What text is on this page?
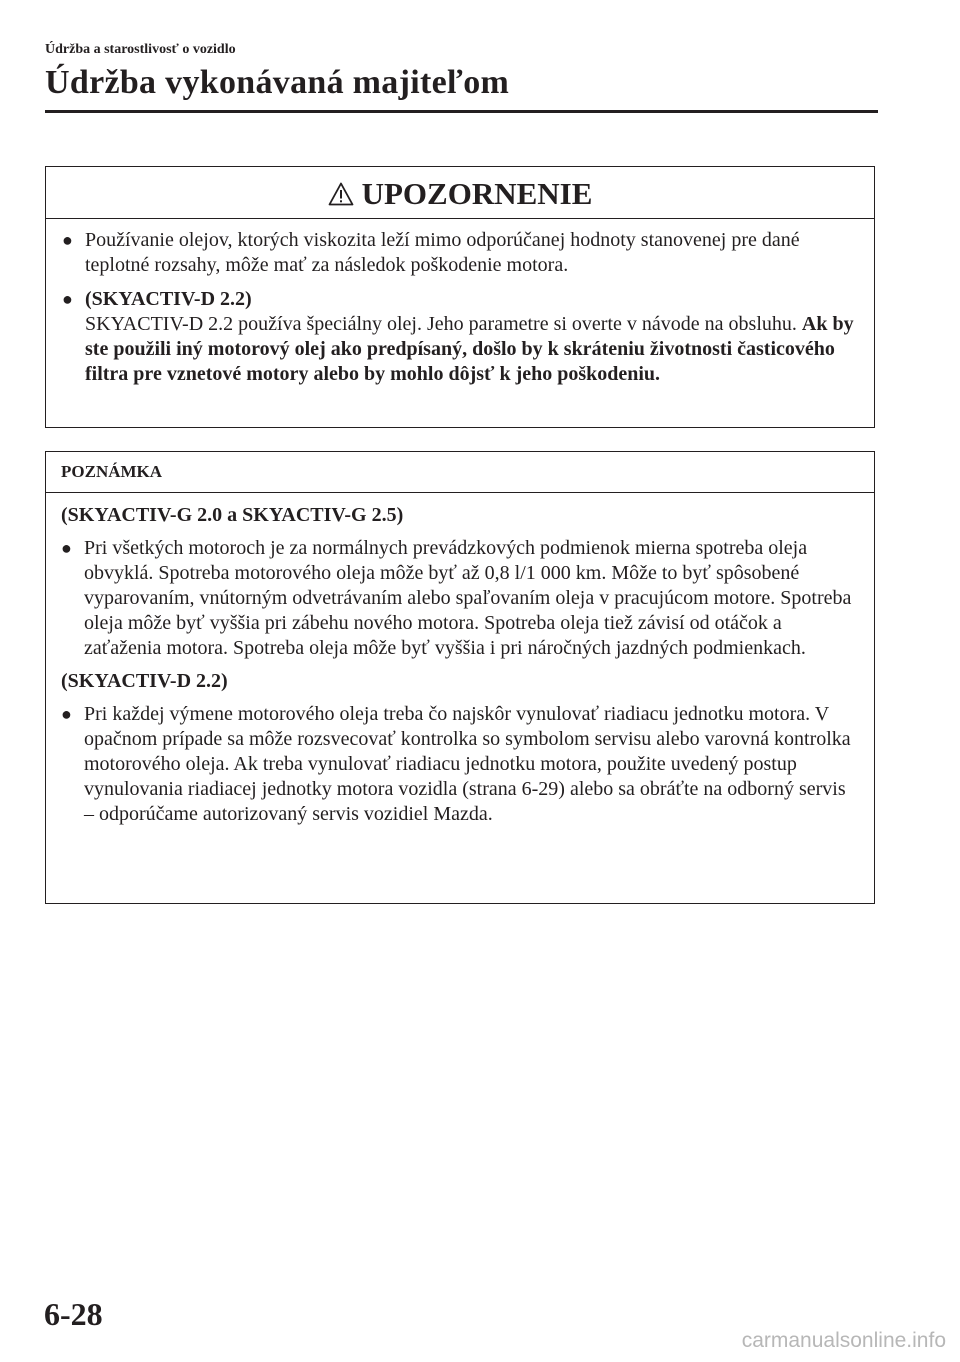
Údržba a starostlivosť o vozidlo
Údržba vykonávaná majiteľom
UPOZORNENIE
● Používanie olejov, ktorých viskozita leží mimo odporúčanej hodnoty stanovenej pre dané teplotné rozsahy, môže mať za následok poškodenie motora.
● (SKYACTIV-D 2.2)
SKYACTIV-D 2.2 používa špeciálny olej. Jeho parametre si overte v návode na obsluhu. Ak by ste použili iný motorový olej ako predpísaný, došlo by k skráteniu životnosti časticového filtra pre vznetové motory alebo by mohlo dôjsť k jeho poškodeniu.
POZNÁMKA
(SKYACTIV-G 2.0 a SKYACTIV-G 2.5)
● Pri všetkých motoroch je za normálnych prevádzkových podmienok mierna spotreba oleja obvyklá. Spotreba motorového oleja môže byť až 0,8 l/1 000 km. Môže to byť spôsobené vyparovaním, vnútorným odvetrávaním alebo spaľovaním oleja v pracujúcom motore. Spotreba oleja môže byť vyššia pri zábehu nového motora. Spotreba oleja tiež závisí od otáčok a zaťaženia motora. Spotreba oleja môže byť vyššia i pri náročných jazdných podmienkach.
(SKYACTIV-D 2.2)
● Pri každej výmene motorového oleja treba čo najskôr vynulovať riadiacu jednotku motora. V opačnom prípade sa môže rozsvecovať kontrolka so symbolom servisu alebo varovná kontrolka motorového oleja. Ak treba vynulovať riadiacu jednotku motora, použite uvedený postup vynulovania riadiacej jednotky motora vozidla (strana 6-29) alebo sa obráťte na odborný servis – odporúčame autorizovaný servis vozidiel Mazda.
6-28
carmanualsonline.info
